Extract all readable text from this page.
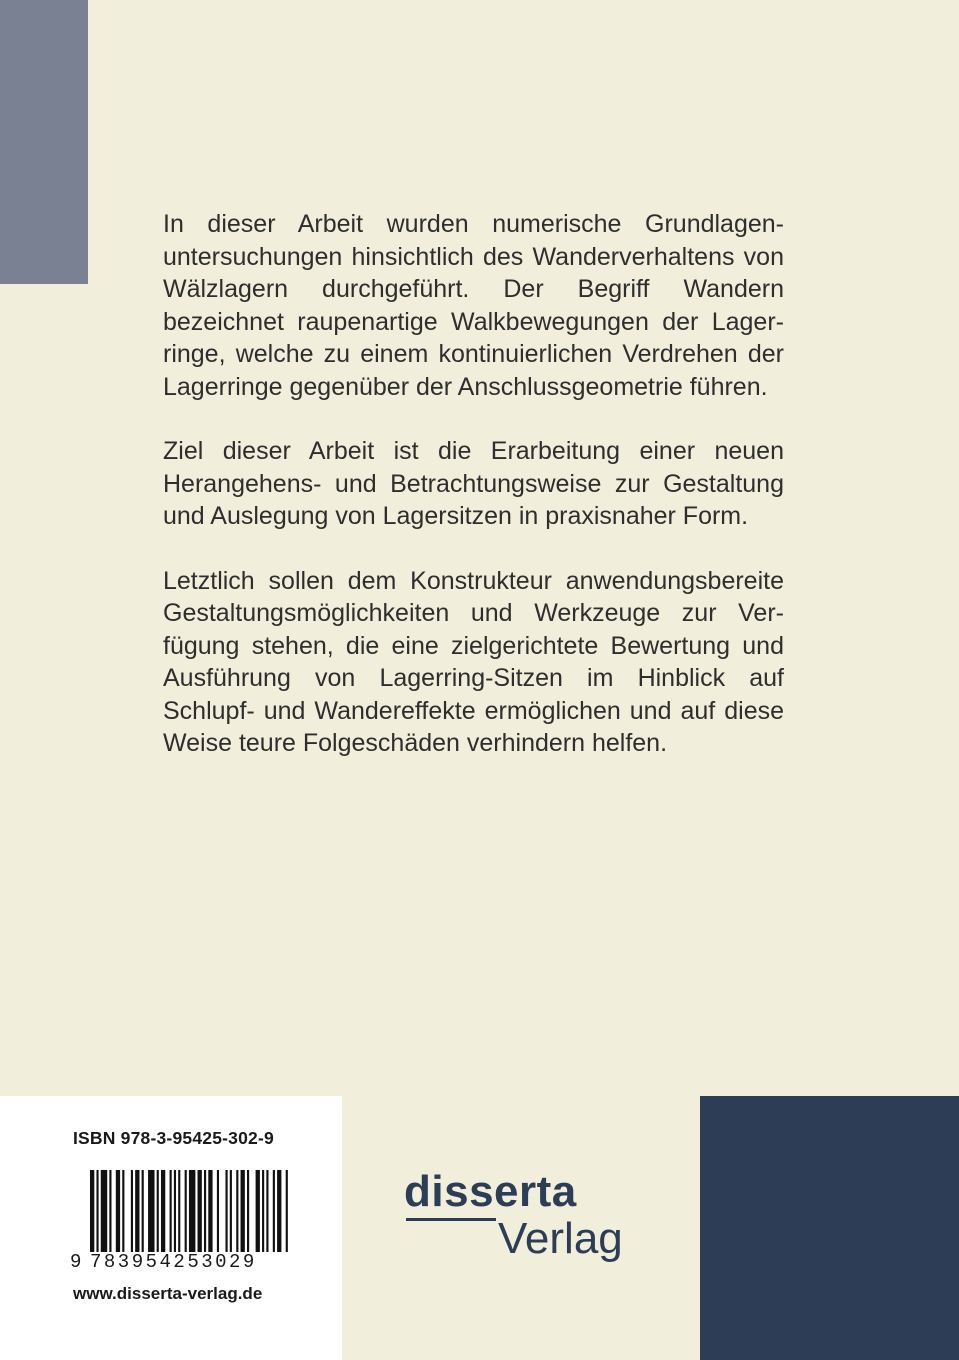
In dieser Arbeit wurden numerische Grundlagen-
untersuchungen hinsichtlich des Wanderverhaltens von
Wälzlagern durchgeführt. Der Begriff Wandern
bezeichnet raupenartige Walkbewegungen der Lager-
ringe, welche zu einem kontinuierlichen Verdrehen der
Lagerringe gegenüber der Anschlussgeometrie führen.

Ziel dieser Arbeit ist die Erarbeitung einer neuen
Herangehens- und Betrachtungsweise zur Gestaltung
und Auslegung von Lagersitzen in praxisnaher Form.

Letztlich sollen dem Konstrukteur anwendungsbereite
Gestaltungsmöglichkeiten und Werkzeuge zur Ver-
fügung stehen, die eine zielgerichtete Bewertung und
Ausführung von Lagerring-Sitzen im Hinblick auf
Schlupf- und Wandereffekte ermöglichen und auf diese
Weise teure Folgeschäden verhindern helfen.

ISBN 978-3-95425-302-9
9 783954253029
www.disserta-verlag.de
disserta
Verlag
